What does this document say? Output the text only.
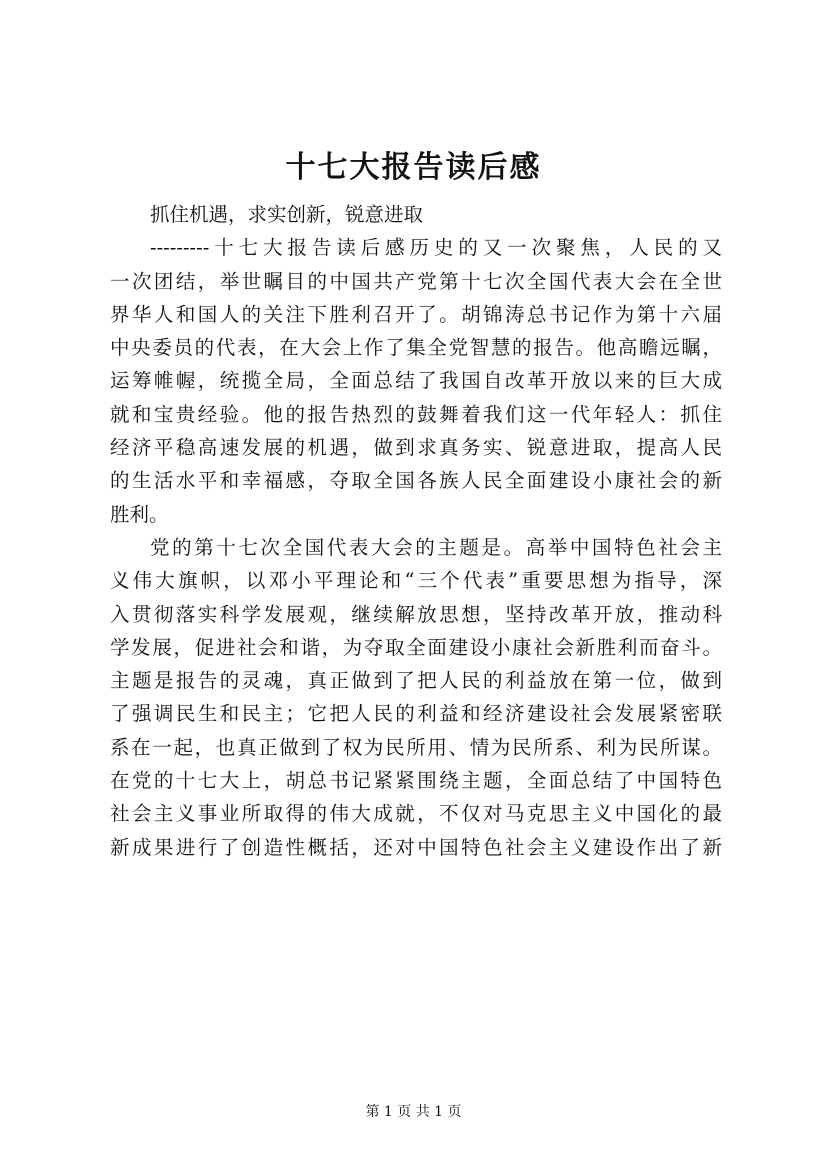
十七大报告读后感
抓住机遇，求实创新，锐意进取
---------十七大报告读后感历史的又一次聚焦，人民的又
一次团结，举世瞩目的中国共产党第十七次全国代表大会在全世
界华人和国人的关注下胜利召开了。胡锦涛总书记作为第十六届
中央委员的代表，在大会上作了集全党智慧的报告。他高瞻远瞩，
运筹帷幄，统揽全局，全面总结了我国自改革开放以来的巨大成
就和宝贵经验。他的报告热烈的鼓舞着我们这一代年轻人：抓住
经济平稳高速发展的机遇，做到求真务实、锐意进取，提高人民
的生活水平和幸福感，夺取全国各族人民全面建设小康社会的新
胜利。
党的第十七次全国代表大会的主题是。高举中国特色社会主
义伟大旗帜，以邓小平理论和“三个代表”重要思想为指导，深
入贯彻落实科学发展观，继续解放思想，坚持改革开放，推动科
学发展，促进社会和谐，为夺取全面建设小康社会新胜利而奋斗。
主题是报告的灵魂，真正做到了把人民的利益放在第一位，做到
了强调民生和民主；它把人民的利益和经济建设社会发展紧密联
系在一起，也真正做到了权为民所用、情为民所系、利为民所谋。
在党的十七大上，胡总书记紧紧围绕主题，全面总结了中国特色
社会主义事业所取得的伟大成就，不仅对马克思主义中国化的最
新成果进行了创造性概括，还对中国特色社会主义建设作出了新
第 1 页 共 1 页
